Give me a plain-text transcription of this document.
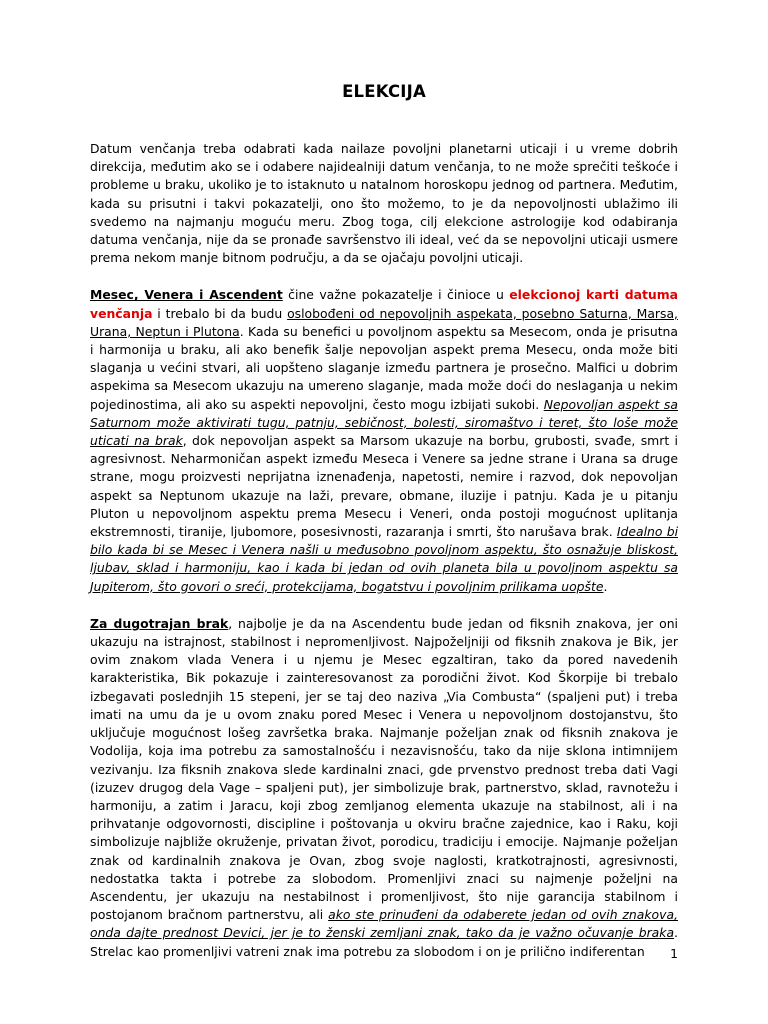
ELEKCIJA

Datum venčanja treba odabrati kada nailaze povoljni planetarni uticaji i u vreme dobrih direkcija, međutim ako se i odabere najidealniji datum venčanja, to ne može sprečiti teškoće i probleme u braku, ukoliko je to istaknuto u natalnom horoskopu jednog od partnera. Međutim, kada su prisutni i takvi pokazatelji, ono što možemo, to je da nepovoljnosti ublažimo ili svedemo na najmanju moguću meru. Zbog toga, cilj elekcione astrologije kod odabiranja datuma venčanja, nije da se pronađe savršenstvo ili ideal, već da se nepovoljni uticaji usmere prema nekom manje bitnom području, a da se ojačaju povoljni uticaji.

Mesec, Venera i Ascendent čine važne pokazatelje i činioce u elekcionoj karti datuma venčanja i trebalo bi da budu oslobođeni od nepovoljnih aspekata, posebno Saturna, Marsa, Urana, Neptun i Plutona. Kada su benefici u povoljnom aspektu sa Mesecom, onda je prisutna i harmonija u braku, ali ako benefik šalje nepovoljan aspekt prema Mesecu, onda može biti slaganja u većini stvari, ali uopšteno slaganje između partnera je prosečno. Malfici u dobrim aspekima sa Mesecom ukazuju na umereno slaganje, mada može doći do neslaganja u nekim pojedinostima, ali ako su aspekti nepovoljni, često mogu izbijati sukobi. Nepovoljan aspekt sa Saturnom može aktivirati tugu, patnju, sebičnost, bolesti, siromaštvo i teret, što loše može uticati na brak, dok nepovoljan aspekt sa Marsom ukazuje na borbu, grubosti, svađe, smrt i agresivnost. Neharmoničan aspekt između Meseca i Venere sa jedne strane i Urana sa druge strane, mogu proizvesti neprijatna iznenađenja, napetosti, nemire i razvod, dok nepovoljan aspekt sa Neptunom ukazuje na laži, prevare, obmane, iluzije i patnju. Kada je u pitanju Pluton u nepovoljnom aspektu prema Mesecu i Veneri, onda postoji mogućnost uplitanja ekstremnosti, tiranije, ljubomore, posesivnosti, razaranja i smrti, što narušava brak. Idealno bi bilo kada bi se Mesec i Venera našli u međusobno povoljnom aspektu, što osnažuje bliskost, ljubav, sklad i harmoniju, kao i kada bi jedan od ovih planeta bila u povoljnom aspektu sa Jupiterom, što govori o sreći, protekcijama, bogatstvu i povoljnim prilikama uopšte.

Za dugotrajan brak, najbolje je da na Ascendentu bude jedan od fiksnih znakova, jer oni ukazuju na istrajnost, stabilnost i nepromenljivost. Najpoželjniji od fiksnih znakova je Bik, jer ovim znakom vlada Venera i u njemu je Mesec egzaltiran, tako da pored navedenih karakteristika, Bik pokazuje i zainteresovanost za porodični život. Kod Škorpije bi trebalo izbegavati poslednjih 15 stepeni, jer se taj deo naziva „Via Combusta“ (spaljeni put) i treba imati na umu da je u ovom znaku pored Mesec i Venera u nepovoljnom dostojanstvu, što uključuje mogućnost lošeg završetka braka. Najmanje poželjan znak od fiksnih znakova je Vodolija, koja ima potrebu za samostalnošću i nezavisnošću, tako da nije sklona intimnijem vezivanju. Iza fiksnih znakova slede kardinalni znaci, gde prvenstvo prednost treba dati Vagi (izuzev drugog dela Vage – spaljeni put), jer simbolizuje brak, partnerstvo, sklad, ravnotežu i harmoniju, a zatim i Jaracu, koji zbog zemljanog elementa ukazuje na stabilnost, ali i na prihvatanje odgovornosti, discipline i poštovanja u okviru bračne zajednice, kao i Raku, koji simbolizuje najbliže okruženje, privatan život, porodicu, tradiciju i emocije. Najmanje poželjan znak od kardinalnih znakova je Ovan, zbog svoje naglosti, kratkotrajnosti, agresivnosti, nedostatka takta i potrebe za slobodom. Promenljivi znaci su najmenje poželjni na Ascendentu, jer ukazuju na nestabilnost i promenljivost, što nije garancija stabilnom i postojanom bračnom partnerstvu, ali ako ste prinuđeni da odaberete jedan od ovih znakova, onda dajte prednost Devici, jer je to ženski zemljani znak, tako da je važno očuvanje braka. Strelac kao promenljivi vatreni znak ima potrebu za slobodom i on je prilično indiferentan	1
